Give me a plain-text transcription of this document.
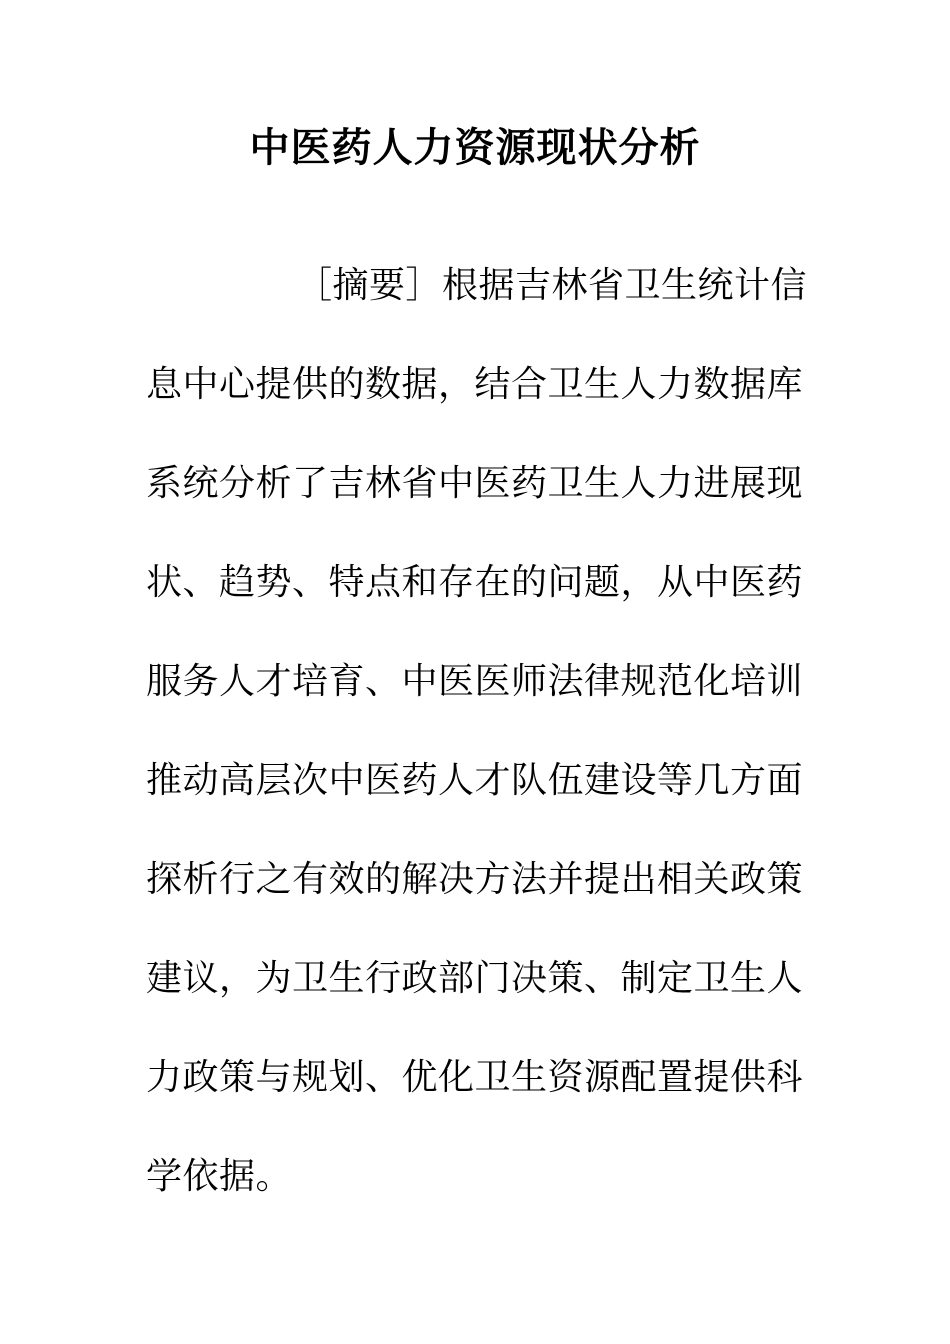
中医药人力资源现状分析
［摘要］根据吉林省卫生统计信
息中心提供的数据，结合卫生人力数据库
系统分析了吉林省中医药卫生人力进展现
状、趋势、特点和存在的问题，从中医药
服务人才培育、中医医师法律规范化培训
推动高层次中医药人才队伍建设等几方面
探析行之有效的解决方法并提出相关政策
建议，为卫生行政部门决策、制定卫生人
力政策与规划、优化卫生资源配置提供科
学依据。
